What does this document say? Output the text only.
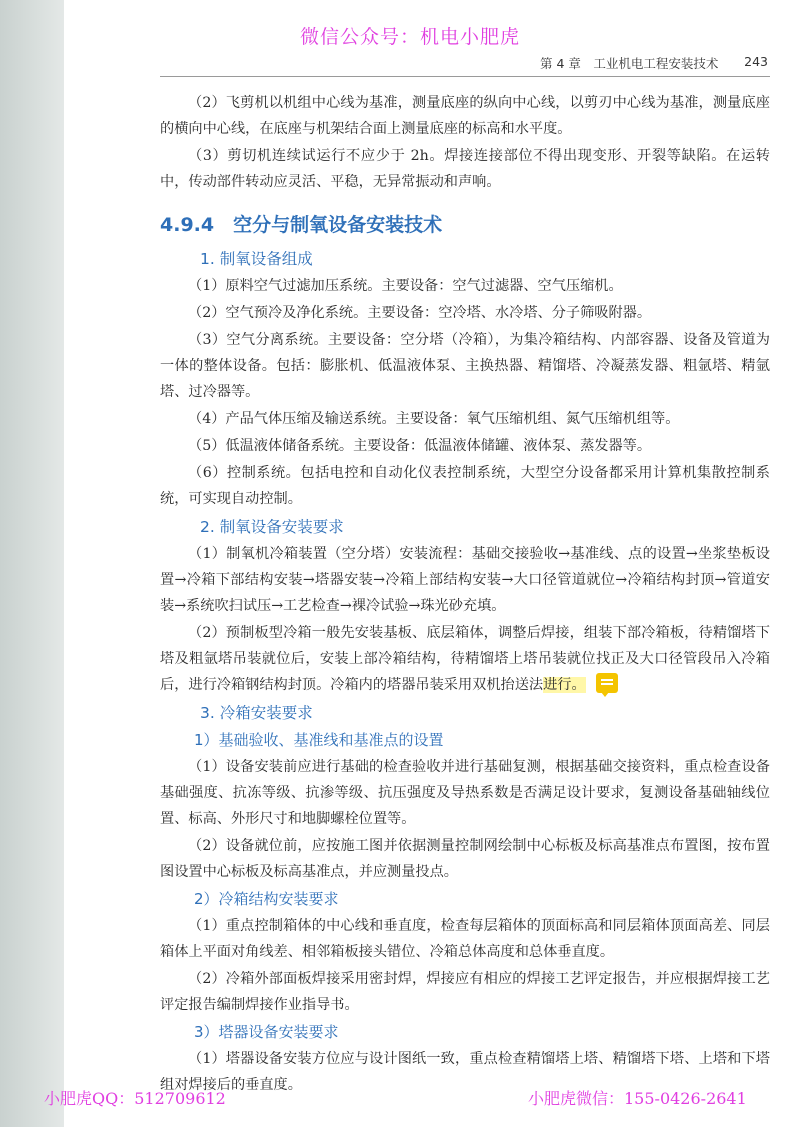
微信公众号：机电小肥虎
第 4 章　工业机电工程安装技术 243

（2）飞剪机以机组中心线为基准，测量底座的纵向中心线，以剪刃中心线为基准，测量底座的横向中心线，在底座与机架结合面上测量底座的标高和水平度。

（3）剪切机连续试运行不应少于 2h。焊接连接部位不得出现变形、开裂等缺陷。在运转中，传动部件转动应灵活、平稳，无异常振动和声响。

4.9.4　空分与制氧设备安装技术
1. 制氧设备组成

（1）原料空气过滤加压系统。主要设备：空气过滤器、空气压缩机。

（2）空气预冷及净化系统。主要设备：空冷塔、水冷塔、分子筛吸附器。

（3）空气分离系统。主要设备：空分塔（冷箱），为集冷箱结构、内部容器、设备及管道为一体的整体设备。包括：膨胀机、低温液体泵、主换热器、精馏塔、冷凝蒸发器、粗氩塔、精氩塔、过冷器等。

（4）产品气体压缩及输送系统。主要设备：氧气压缩机组、氮气压缩机组等。

（5）低温液体储备系统。主要设备：低温液体储罐、液体泵、蒸发器等。

（6）控制系统。包括电控和自动化仪表控制系统，大型空分设备都采用计算机集散控制系统，可实现自动控制。

2. 制氧设备安装要求

（1）制氧机冷箱装置（空分塔）安装流程：基础交接验收→基准线、点的设置→坐浆垫板设置→冷箱下部结构安装→塔器安装→冷箱上部结构安装→大口径管道就位→冷箱结构封顶→管道安装→系统吹扫试压→工艺检查→裸冷试验→珠光砂充填。

（2）预制板型冷箱一般先安装基板、底层箱体，调整后焊接，组装下部冷箱板，待精馏塔下塔及粗氩塔吊装就位后，安装上部冷箱结构，待精馏塔上塔吊装就位找正及大口径管段吊入冷箱后，进行冷箱钢结构封顶。冷箱内的塔器吊装采用双机抬送法进行。

3. 冷箱安装要求
1）基础验收、基准线和基准点的设置

（1）设备安装前应进行基础的检查验收并进行基础复测，根据基础交接资料，重点检查设备基础强度、抗冻等级、抗渗等级、抗压强度及导热系数是否满足设计要求，复测设备基础轴线位置、标高、外形尺寸和地脚螺栓位置等。

（2）设备就位前，应按施工图并依据测量控制网绘制中心标板及标高基准点布置图，按布置图设置中心标板及标高基准点，并应测量投点。

2）冷箱结构安装要求

（1）重点控制箱体的中心线和垂直度，检查每层箱体的顶面标高和同层箱体顶面高差、同层箱体上平面对角线差、相邻箱板接头错位、冷箱总体高度和总体垂直度。

（2）冷箱外部面板焊接采用密封焊，焊接应有相应的焊接工艺评定报告，并应根据焊接工艺评定报告编制焊接作业指导书。

3）塔器设备安装要求

（1）塔器设备安装方位应与设计图纸一致，重点检查精馏塔上塔、精馏塔下塔、上塔和下塔组对焊接后的垂直度。

小肥虎QQ：512709612	小肥虎微信：155-0426-2641
